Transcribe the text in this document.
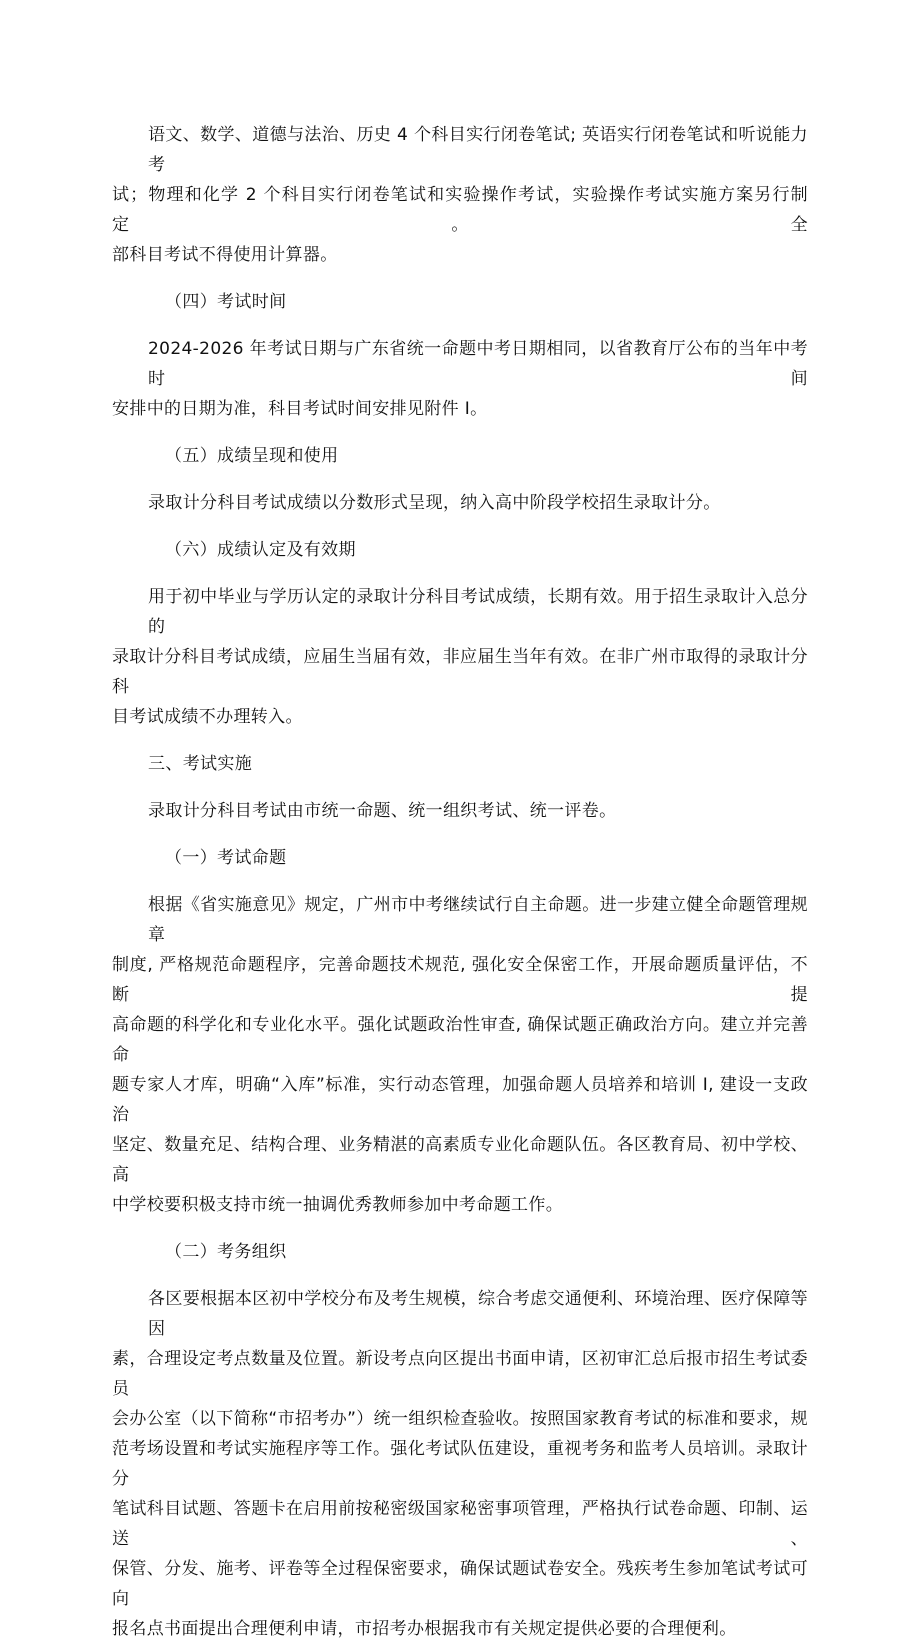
语文、数学、道德与法治、历史 4 个科目实行闭卷笔试; 英语实行闭卷笔试和听说能力考
试；物理和化学 2 个科目实行闭卷笔试和实验操作考试，实验操作考试实施方案另行制定。全
部科目考试不得使用计算器。
（四）考试时间
2024-2026 年考试日期与广东省统一命题中考日期相同，以省教育厅公布的当年中考时间
安排中的日期为准，科目考试时间安排见附件 I。
（五）成绩呈现和使用
录取计分科目考试成绩以分数形式呈现，纳入高中阶段学校招生录取计分。
（六）成绩认定及有效期
用于初中毕业与学历认定的录取计分科目考试成绩，长期有效。用于招生录取计入总分的
录取计分科目考试成绩，应届生当届有效，非应届生当年有效。在非广州市取得的录取计分科
目考试成绩不办理转入。
三、考试实施
录取计分科目考试由市统一命题、统一组织考试、统一评卷。
（一）考试命题
根据《省实施意见》规定，广州市中考继续试行自主命题。进一步建立健全命题管理规章
制度, 严格规范命题程序，完善命题技术规范, 强化安全保密工作，开展命题质量评估，不断提
高命题的科学化和专业化水平。强化试题政治性审查, 确保试题正确政治方向。建立并完善命
题专家人才库，明确“入库”标准，实行动态管理，加强命题人员培养和培训 I, 建设一支政治
坚定、数量充足、结构合理、业务精湛的高素质专业化命题队伍。各区教育局、初中学校、高
中学校要积极支持市统一抽调优秀教师参加中考命题工作。
（二）考务组织
各区要根据本区初中学校分布及考生规模，综合考虑交通便利、环境治理、医疗保障等因
素，合理设定考点数量及位置。新设考点向区提出书面申请，区初审汇总后报市招生考试委员
会办公室（以下简称“市招考办”）统一组织检查验收。按照国家教育考试的标准和要求，规
范考场设置和考试实施程序等工作。强化考试队伍建设，重视考务和监考人员培训。录取计分
笔试科目试题、答题卡在启用前按秘密级国家秘密事项管理，严格执行试卷命题、印制、运送、
保管、分发、施考、评卷等全过程保密要求，确保试题试卷安全。残疾考生参加笔试考试可向
报名点书面提出合理便利申请，市招考办根据我市有关规定提供必要的合理便利。
